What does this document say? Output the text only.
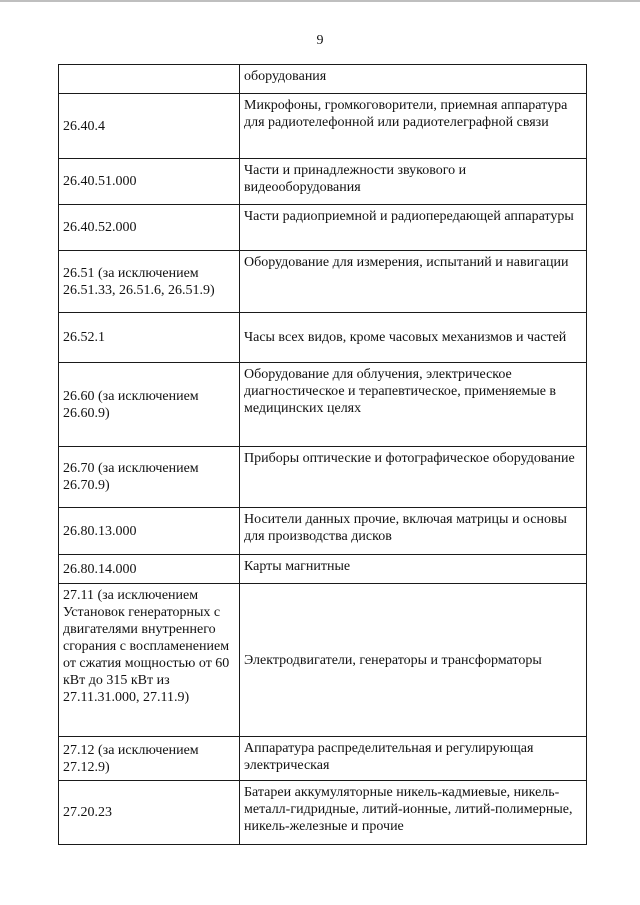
9
	оборудования
26.40.4	Микрофоны, громкоговорители, приемная аппаратура для радиотелефонной или радиотелеграфной связи
26.40.51.000	Части и принадлежности звукового и видеооборудования
26.40.52.000	Части радиоприемной и радиопередающей аппаратуры
26.51 (за исключением 26.51.33, 26.51.6, 26.51.9)	Оборудование для измерения, испытаний и навигации
26.52.1	Часы всех видов, кроме часовых механизмов и частей
26.60 (за исключением 26.60.9)	Оборудование для облучения, электрическое диагностическое и терапевтическое, применяемые в медицинских целях
26.70 (за исключением 26.70.9)	Приборы оптические и фотографическое оборудование
26.80.13.000	Носители данных прочие, включая матрицы и основы для производства дисков
26.80.14.000	Карты магнитные
27.11 (за исключением Установок генераторных с двигателями внутреннего сгорания с воспламенением от сжатия мощностью от 60 кВт до 315 кВт из 27.11.31.000, 27.11.9)	Электродвигатели, генераторы и трансформаторы
27.12 (за исключением 27.12.9)	Аппаратура распределительная и регулирующая электрическая
27.20.23	Батареи аккумуляторные никель-кадмиевые, никель-металл-гидридные, литий-ионные, литий-полимерные, никель-железные и прочие
